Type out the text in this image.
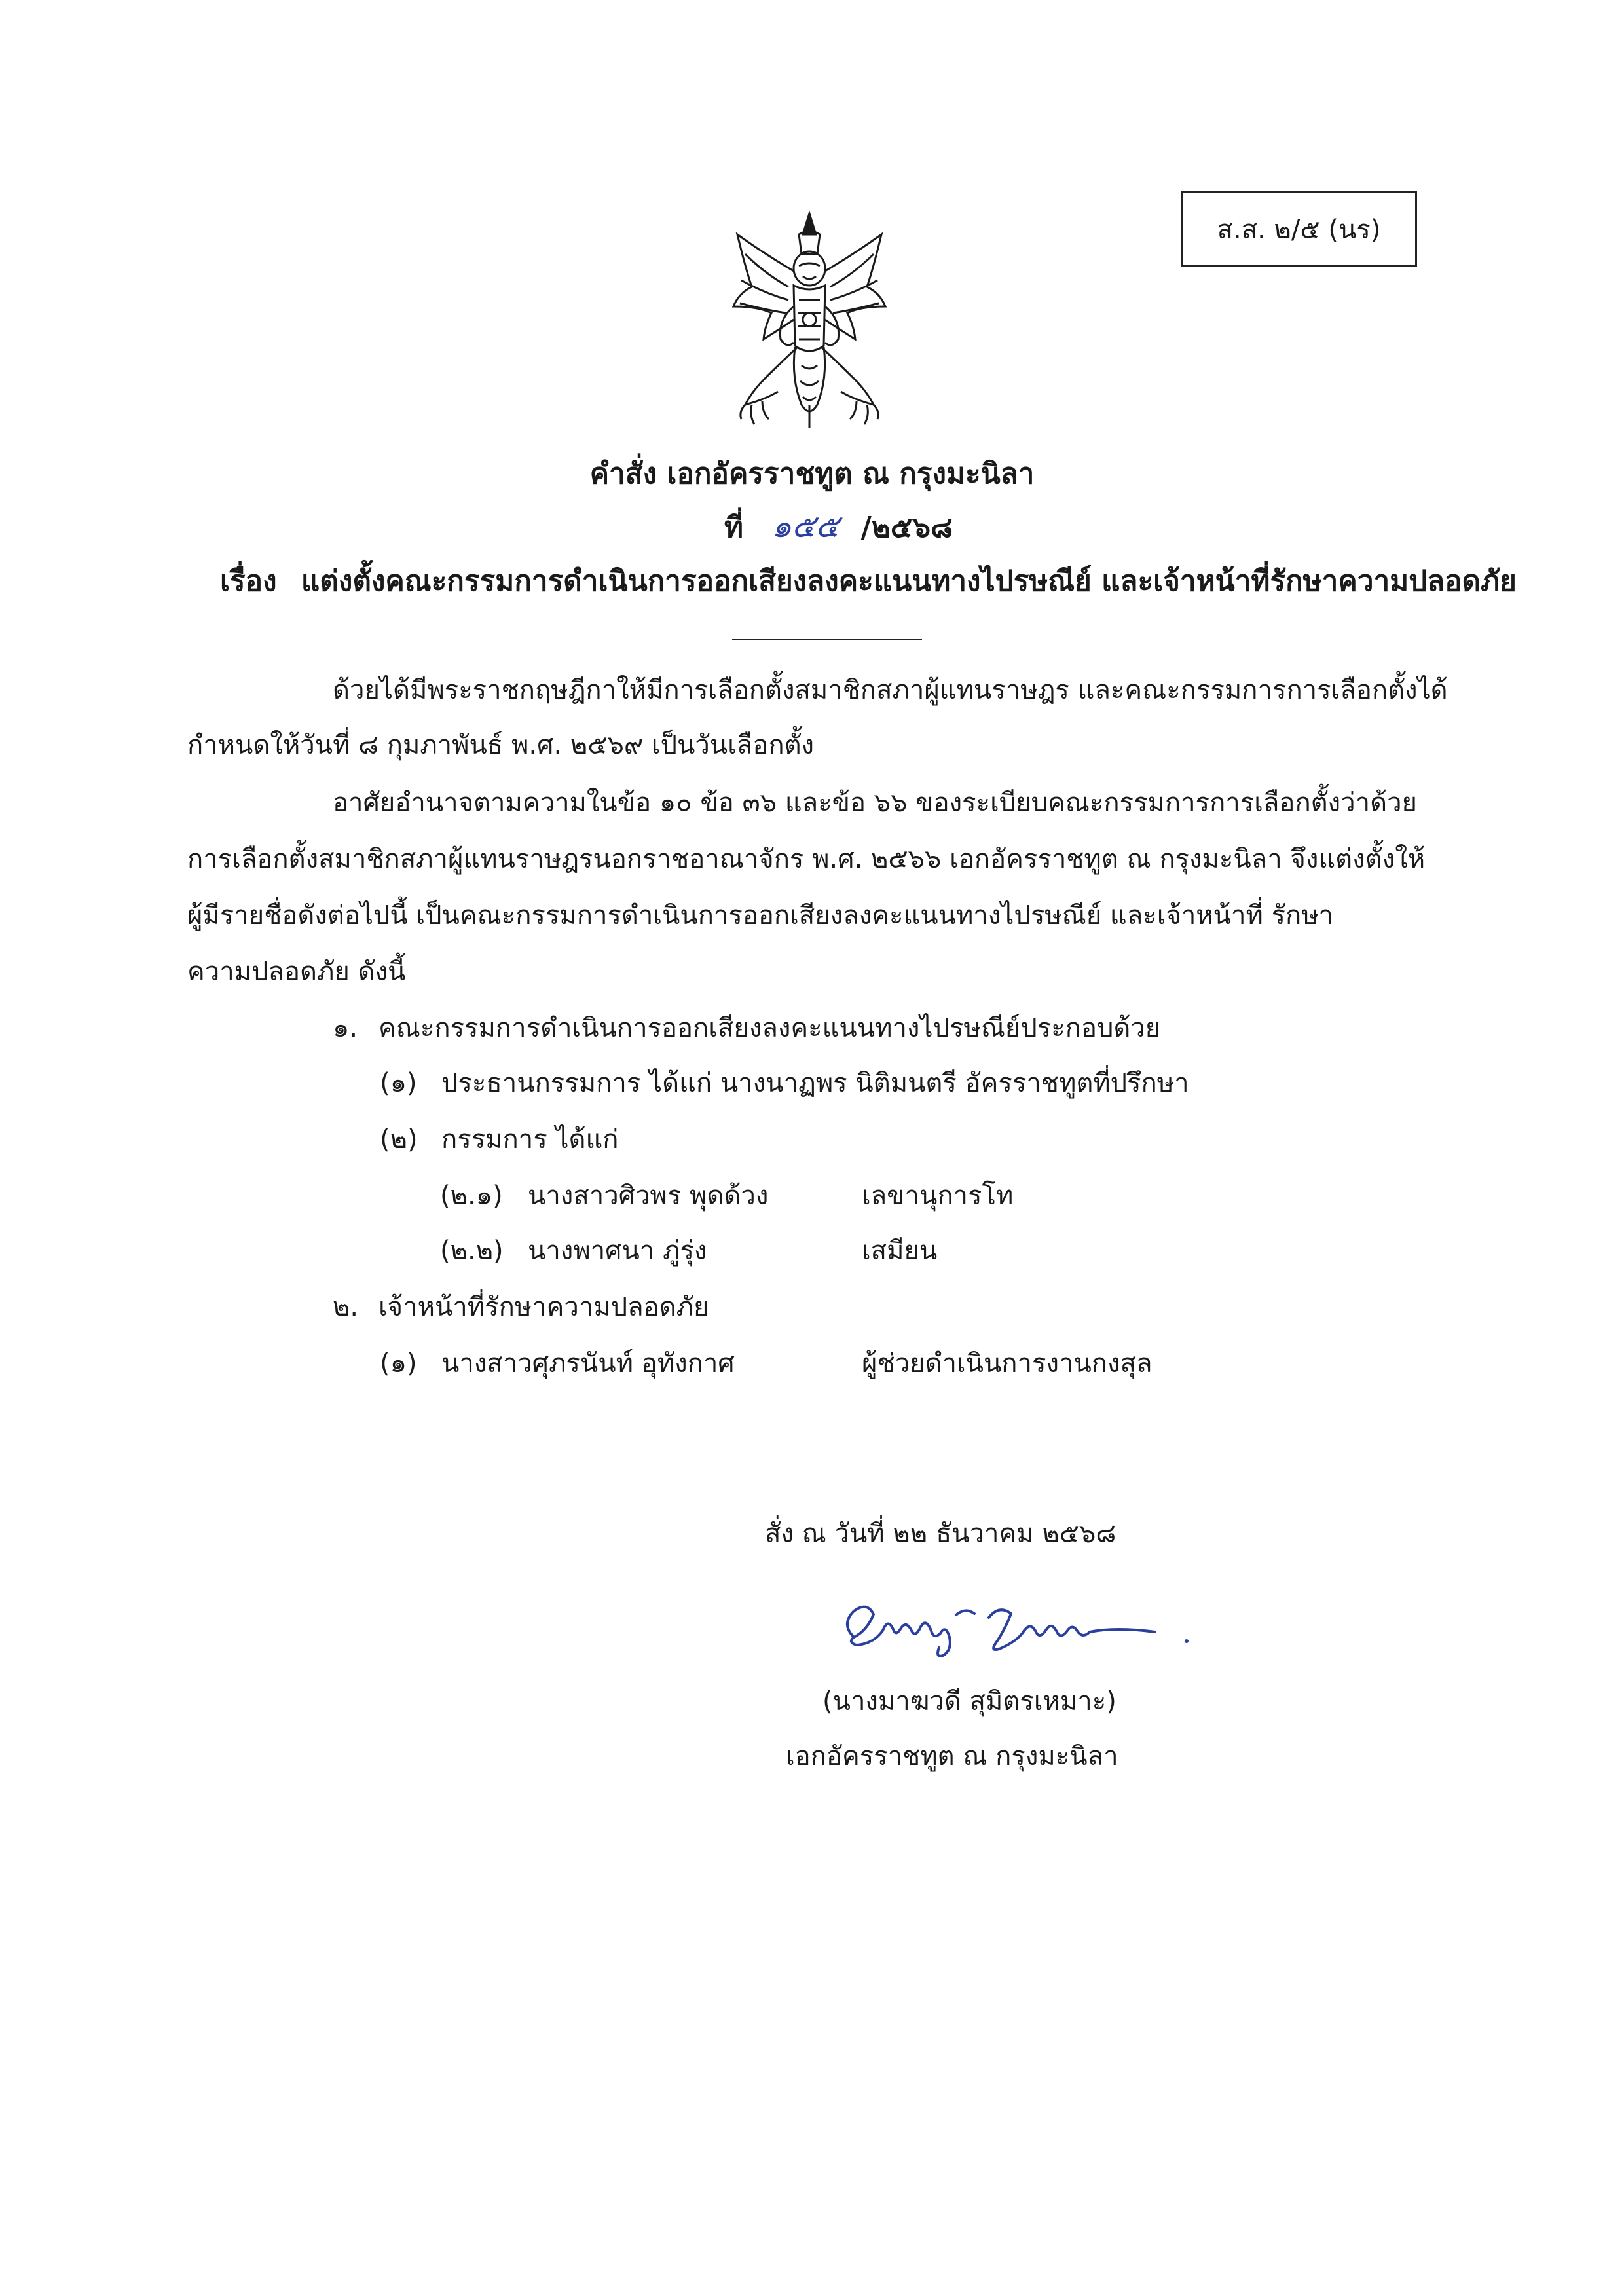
ส.ส. ๒/๕ (นร)
คำสั่ง เอกอัครราชทูต ณ กรุงมะนิลา
ที่ ๑๕๕ /๒๕๖๘
เรื่อง แต่งตั้งคณะกรรมการดำเนินการออกเสียงลงคะแนนทางไปรษณีย์ และเจ้าหน้าที่รักษาความปลอดภัย
ด้วยได้มีพระราชกฤษฎีกาให้มีการเลือกตั้งสมาชิกสภาผู้แทนราษฎร และคณะกรรมการการเลือกตั้งได้
กำหนดให้วันที่ ๘ กุมภาพันธ์ พ.ศ. ๒๕๖๙ เป็นวันเลือกตั้ง
อาศัยอำนาจตามความในข้อ ๑๐ ข้อ ๓๖ และข้อ ๖๖ ของระเบียบคณะกรรมการการเลือกตั้งว่าด้วย
การเลือกตั้งสมาชิกสภาผู้แทนราษฎรนอกราชอาณาจักร พ.ศ. ๒๕๖๖ เอกอัครราชทูต ณ กรุงมะนิลา จึงแต่งตั้งให้
ผู้มีรายชื่อดังต่อไปนี้ เป็นคณะกรรมการดำเนินการออกเสียงลงคะแนนทางไปรษณีย์ และเจ้าหน้าที่ รักษา
ความปลอดภัย ดังนี้
๑. คณะกรรมการดำเนินการออกเสียงลงคะแนนทางไปรษณีย์ประกอบด้วย
(๑) ประธานกรรมการ ได้แก่ นางนาฏพร นิติมนตรี อัครราชทูตที่ปรึกษา
(๒) กรรมการ ได้แก่
(๒.๑) นางสาวศิวพร พุดด้วง	เลขานุการโท
(๒.๒) นางพาศนา ภู่รุ่ง	เสมียน
๒. เจ้าหน้าที่รักษาความปลอดภัย
(๑) นางสาวศุภรนันท์ อุทังกาศ	ผู้ช่วยดำเนินการงานกงสุล
สั่ง ณ วันที่ ๒๒ ธันวาคม ๒๕๖๘
(นางมาฆวดี สุมิตรเหมาะ)
เอกอัครราชทูต ณ กรุงมะนิลา
